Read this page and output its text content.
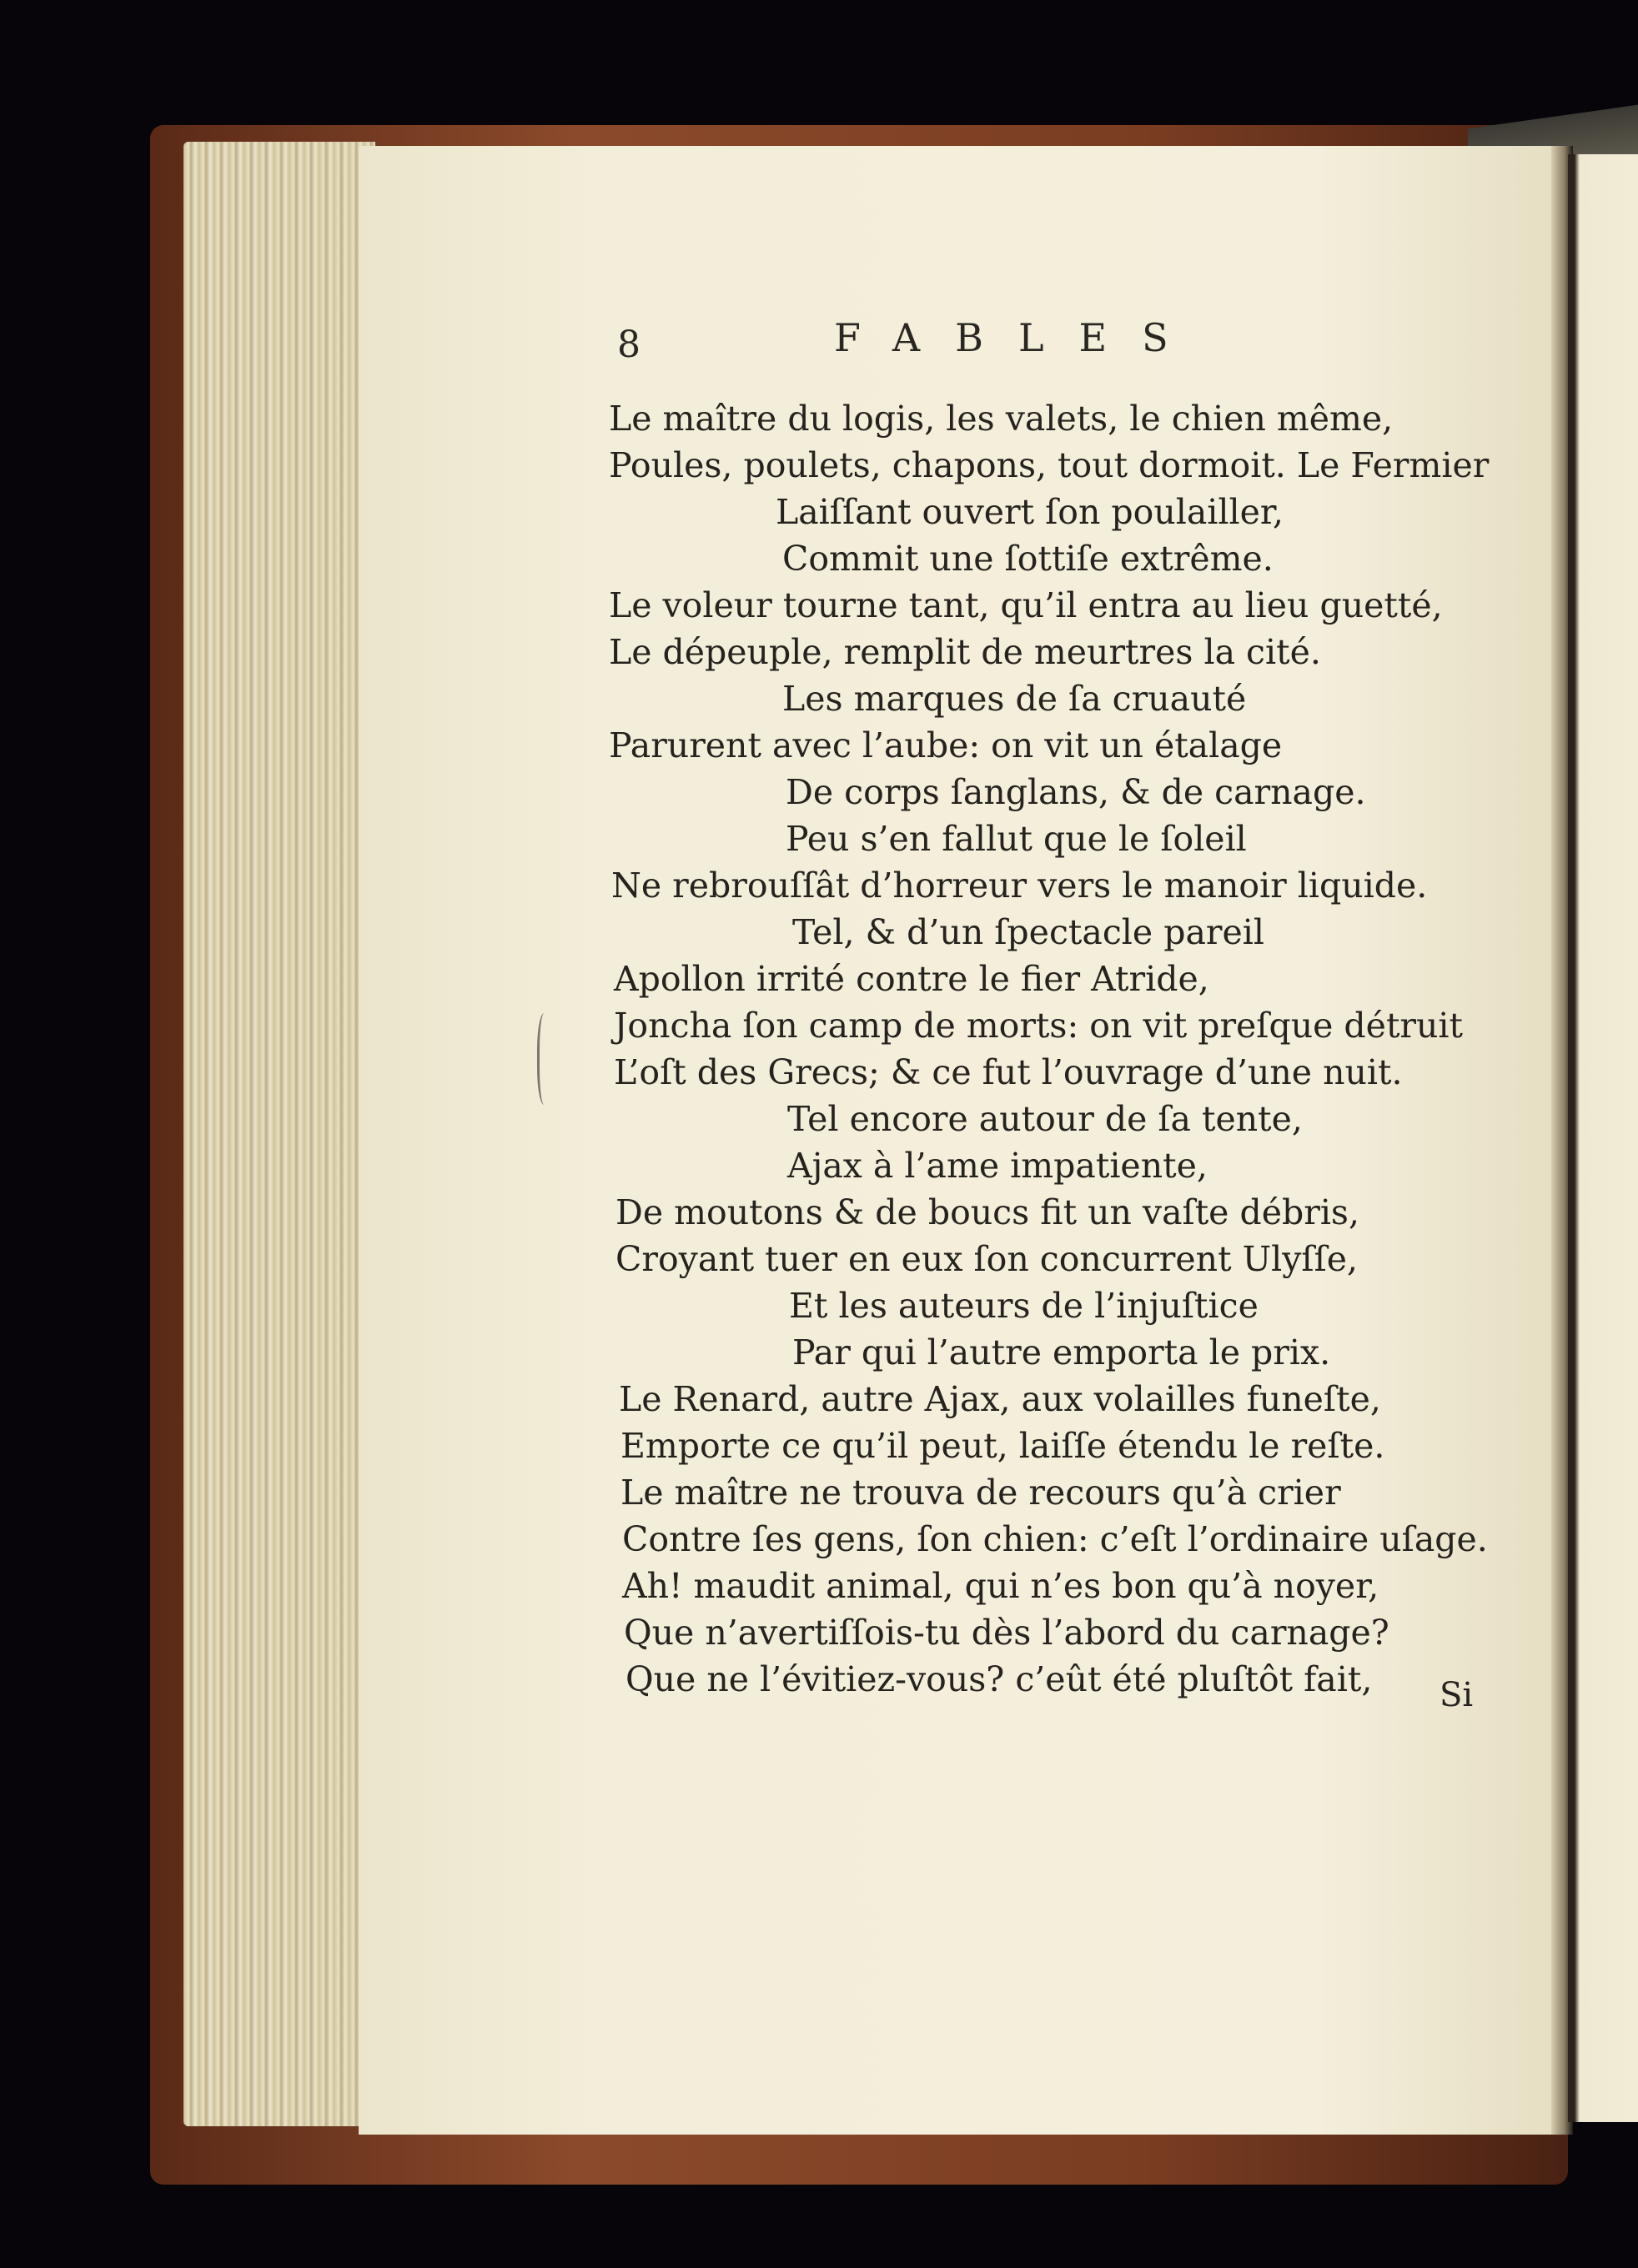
8	FABLES
Le maître du logis, les valets, le chien même,
Poules, poulets, chapons, tout dormoit. Le Fermier
Laiſſant ouvert ſon poulailler,
Commit une ſottiſe extrême.
Le voleur tourne tant, qu’il entra au lieu guetté,
Le dépeuple, remplit de meurtres la cité.
Les marques de ſa cruauté
Parurent avec l’aube: on vit un étalage
De corps ſanglans, & de carnage.
Peu s’en fallut que le ſoleil
Ne rebrouſſât d’horreur vers le manoir liquide.
Tel, & d’un ſpectacle pareil
Apollon irrité contre le fier Atride,
Joncha ſon camp de morts: on vit preſque détruit
L’oſt des Grecs; & ce fut l’ouvrage d’une nuit.
Tel encore autour de ſa tente,
Ajax à l’ame impatiente,
De moutons & de boucs fit un vaſte débris,
Croyant tuer en eux ſon concurrent Ulyſſe,
Et les auteurs de l’injuſtice
Par qui l’autre emporta le prix.
Le Renard, autre Ajax, aux volailles funeſte,
Emporte ce qu’il peut, laiſſe étendu le reſte.
Le maître ne trouva de recours qu’à crier
Contre ſes gens, ſon chien: c’eſt l’ordinaire uſage.
Ah! maudit animal, qui n’es bon qu’à noyer,
Que n’avertiſſois-tu dès l’abord du carnage?
Que ne l’évitiez-vous? c’eût été pluſtôt fait, Si
